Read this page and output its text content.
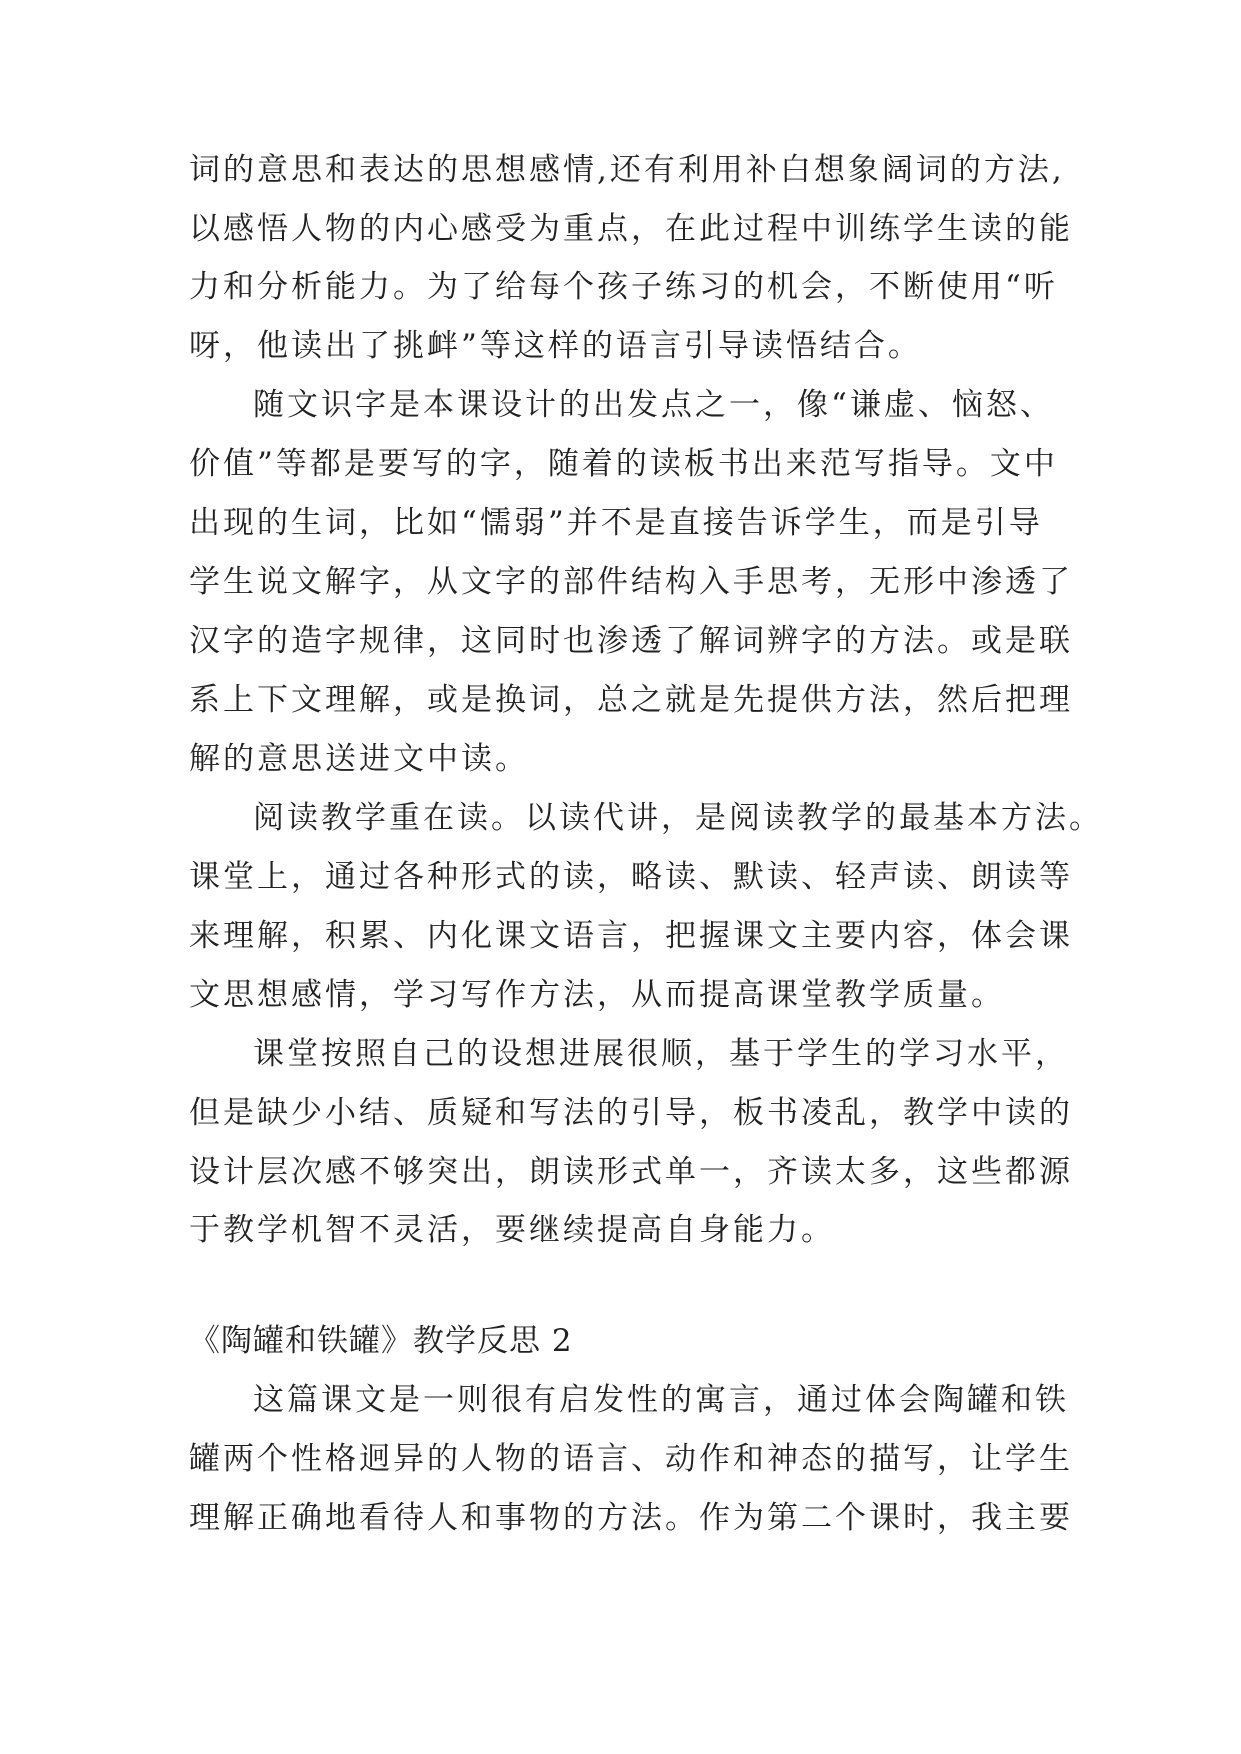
词的意思和表达的思想感情,还有利用补白想象阔词的方法,
以感悟人物的内心感受为重点，在此过程中训练学生读的能
力和分析能力。为了给每个孩子练习的机会，不断使用“听
呀，他读出了挑衅”等这样的语言引导读悟结合。
随文识字是本课设计的出发点之一，像“谦虚、恼怒、
价值”等都是要写的字，随着的读板书出来范写指导。文中
出现的生词，比如“懦弱”并不是直接告诉学生，而是引导
学生说文解字，从文字的部件结构入手思考，无形中渗透了
汉字的造字规律，这同时也渗透了解词辨字的方法。或是联
系上下文理解，或是换词，总之就是先提供方法，然后把理
解的意思送进文中读。
阅读教学重在读。以读代讲，是阅读教学的最基本方法。
课堂上，通过各种形式的读，略读、默读、轻声读、朗读等
来理解，积累、内化课文语言，把握课文主要内容，体会课
文思想感情，学习写作方法，从而提高课堂教学质量。
课堂按照自己的设想进展很顺，基于学生的学习水平，
但是缺少小结、质疑和写法的引导，板书凌乱，教学中读的
设计层次感不够突出，朗读形式单一，齐读太多，这些都源
于教学机智不灵活，要继续提高自身能力。
《陶罐和铁罐》教学反思 2
这篇课文是一则很有启发性的寓言，通过体会陶罐和铁
罐两个性格迥异的人物的语言、动作和神态的描写，让学生
理解正确地看待人和事物的方法。作为第二个课时，我主要
